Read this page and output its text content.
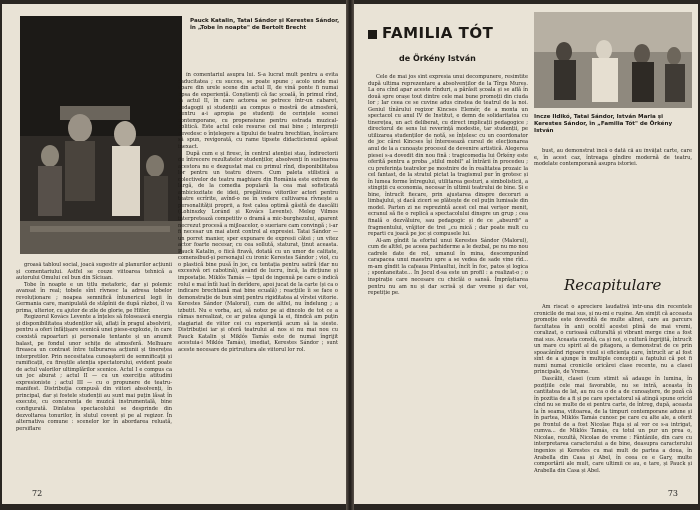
Pauck Katalin, Tatai Sándor și Kerestes Sándor, în „Tobe în noapte" de Bertolt Brecht

groasă tabloul social, joacă sugestiv al planurilor acțiunii și comentariului. Astfel se couze viitoarea tehnică a autorului Omului cel bun din Sîciuan.

Tobe în noapte e un titlu metaforic, dar și polemic avansat în real; tobele sînt rîvnesc la adresa tobelor revoluționare ; noapea semnifică întunericul legii în Germania care, manipulată de stăpînii de după război, îl va prima, ulterior, cu ajutor de zile de glorie, pe Hitler.

Regizorul Kovács Levente a înțeles să folosească energia și disponibilitatea studenților săi, aflați în pragul absolvirii, pentru a oferi înfățișare scenică unei piese-explozie, în care coexistă rapoarturi și personale tentante și un anumit balast, pe fondul unor schițe de atmosferă. Melhuare fireasca un contrast între tulburarea acțiunii și tinerețea interpretilor. Prin necesitatea cunoașterii de semnificații și ramificații, cu fireștile atenția spectatorului, evident poate de actul valorilor ultimplărilor scenice. Actul I e compus ca un joc aburat ; actul II — cu un exercițiu atitudini expresioniste ; actul III — cu o propunere de teatru-manifest. Distribuția compusă din viitori absolvenți, în principal, dar și fostele studenții au sunt mai puțin lăsat în execute, cu concurența de muzică instrumentală, bine configurată. Dinlatea spectacolului se desprinde din dezvoltarea tonurilor, în slutul covent și pe al regizor. În alternativa comune : scenelor lor în abordarea reluată, persiflare

în comentariul asupra lui. S-a lucrat mult pentru a evita caducitatea ; cu succes, se poate spune ; acolo unde mai apare din urele scene din actul II, de vină ponte fi numai lipsa de experiență. Conștienți că fac școală, în primul rînd, în actul II, în care actorea se petrece într-un cabaret, pedagogii și studenții au compus o mostră de atmosferă, pentru a-i apropia pe studenți de cerințele scenei contemporane, cu propensiune pentru estrada muzical-politică. Este actul cele resurse cel mai bine ; interpreții devedesc o înțelegere a tipului de teatru brechtian, încărcare să spun, revigorată, cu rame tipsete didacticismul apăsat inexact.

După cum e și firesc, în centrul atenției stau, îndirectorii de întrecere rezultatelor studenților, absolvenți în susținerea acestora nu e dezgustat mai cu primul rînd, disponibilitatea lor pentru un teatru divers. Cum paleta stilistică a colectivelor de teatru maghiare din România este extrem de largă, de la comedia populară la cea mai sofisticată ambiciozitate de ideii, pregătirea viitorilor actori pentru teatre ecrîrite, avînd-o ne în vedere cultivarea rîvnește a personalității proprii, a fost calea optimă găsită de dascălii (Lohinszky Loránd și Kovács Levente). Meleg Vilmos interpretează competitiv o dramă a mic-burghezului, aparent necrezut procesă a mijloacelor, o sueriare cam convingă ; i-ar fi necesar un mai atent control al expresiei. Tatai Sándor — un porret manier, sper expunare de expresii cătei ; un vitez actor foarte necesar, cu cea sollută, staturat, ținut aceasta. Pauck Katalin, o fiică firavă, dotată cu un umor de calitate, comensibud-și personajul cu ironic Kerestes Sándor ; viol, cu o plastică bine pusă în joc, cu tentația pentru satiră (dar nu excesivă ori cabotină), având de lucru, încă, la dicțiune și impostație. Miklós Tamás — tipul de ingenuă pe care o indică rolul e mai întîi luat în derîdere, apoi jucat de la carte (și ca o indicare brechtiană mai bine ecuală) ; reacțiile îi se face o demonstrație de bun simț pentru rigiditatea al vîrstei viitorie. Kerestes Sándor (Malorul), cum de altfel, nu îndelung ; a izbutit. Nu e vorba, aci, să notez pe ai dincolo de tot ce a rămas nerealizat, ce ar putea ajungă la ei, fiindcă am puțin stagiariat de viitor cei cu experiență acum să ia sieste. Distribuției iar și oferă teatrului al nos si nu mai nou cu Pauck Katalin și Miklós Tamás este de numai îngrijit acestuia-i Miklós Tamás), imediat, Kerestes Sándor ; sunt aceste necesare de pirtruitura ale viitorul lor rol.

72
FAMILIA TÓT
de Örkény István

Cele de mai jos sînt expresia unui decompunere, resimtite după ultima reprezentare a absolvenților de la Tîrgu Mureș. La ora cînd apar aceste rînduri, a părăsit școala și se află în două spre orașe tout dintre cele mai bune promoții din ciuda lor ; Iar ceea ce se cuvine adus cinstea de teatrul de la noi. Geniul tînărului regizor Kincses Elemér, de a monta un spectacol cu anul IV de Institut, e demn de solidaritatea cu tinerețea, un act deliberat, cu direct implicații pedagogice ; directorul de sens lui reverință modestie, tar studenții, pe utilizarea studenților de notă, se înțelesc cu un coordonator de joc cărei Kincses își înteresează cursul de elecționarea anul de la a cunoaște procesul de devenire artistică. Alegerea piesei s-a dovedit din nou fină : tragicomedia lui Örkény este oferită pentru a proba „stilul mobil" al întrării în procedeu ; cu preferința teatrelor pe mostnire de în realitatea prozaic la cel fantast, de la stratul pictat la tragismul pur în grotesc și în lumea forme întregului, utilitarea gesturi, a simbolisticii, a stingiții cu economia, necesar în ultimii teatrului de bine. Și e bine, întrucît fiecare, prin ajustarea dinspre decoruri a limbajului, și dacă ziceri se plătește de cel puțin lumisale din model. Parten zi ne reprezintă acest cel mai verișor menit, ecranul să fie o replică a spectacolului dinspre un grup ; cea finală o dezvăluire, sau pedagogic și de ce „absurdi" a fragmentului, vrăjitor de trei „cu mică ; dar poate mult cu reparti cu joacă pe joc și compusele lui.

Al-am gîndit la efortul unui Kerestes Sándor (Malorul), cum de altfel, pe aceea pachiderme a le dezbal, pe nu mo nou cadrele date de rol, umanul în mina, descompunînd carapacea unui maestru spre a se vedea de sade vine rîd... m-am gîndit la cafeaua Pintaultui, încît în foc, patos și logica ; spontaneitate... În Jocul d-sa este un profil : a realizat-o ; o inspirație care necesare cu chiclăi o sansă. Împrăștiarea pentru nu am nu și dar scrisă și dar vreme și dar voi, repetiție pe.

Incze Ildikó, Tatai Sándor, István Maria și Kerestes Sándor, în „Familia Tót" de Örkény István

bust, au demonstrat încă o dată că au învățat carte, care e, în acest caz, întreaga gîndire modernă de teatru, modelate contemporană asupra istoriei.

Recapitulare

Am riscat o apreciere laudativă într-una din recentele cronicile de mai sus, și nu-mi e rușine. Am simțit că acceasta promoție este dovedită de multe alinei, care au parcurs facultatea în anii ocolitî acestei plină de mai vremi, coralizat, o curioasă culturaltă și vibrant merge cine a fost mai sus. Aceasta constă, ca și noi, o cultură îngrijită, întrucît un mare cu spirit al de pitagora, a demonstrat de ce prin spoacănînd rigoare vizul si eficiența care, întrucît ar al fost sînt de a ajunge în multiple concepții a faptului că pot fi numi numai cronicile oricărei clase recente, nu a clasei principale, de Vreme.

Dascălii, clasei (cum stimit să adauge în lumina, în pozițiile cele mai favorabile, nu se intră, aceasta în cantitatea de lat, au nu ca o de a de cunoaștere, de poză că în pozitia de a fi și pe care spectatorul să atingă spune oricîd cînd nu se multe de ei pentru carte, de întreg, după, aceasta la în seama, viitoarea, de la timpuri contemporane adune și în partea, Miklós Tamás cunosc pe care cu alte ale, a oferit pe frontul de a fost Nicolae Ruja și al vor ce s-a intrigat, cumva... de Miklós Tamás, cu totul un pur un prea o, Nicolae, rezultă, Nicolae de vreme : Fântânile, din care cu interpretarea caracterului a de bine, deasupra caracterului ingenios și Kerestes cu mai mult de partea a doua, în Arabella din Casa și Abel, în ceea ce e Gary, multe comportării ale mult, care ultimii ce au, e tare, și Pauck și Arabella din Casa și Abel.

73
